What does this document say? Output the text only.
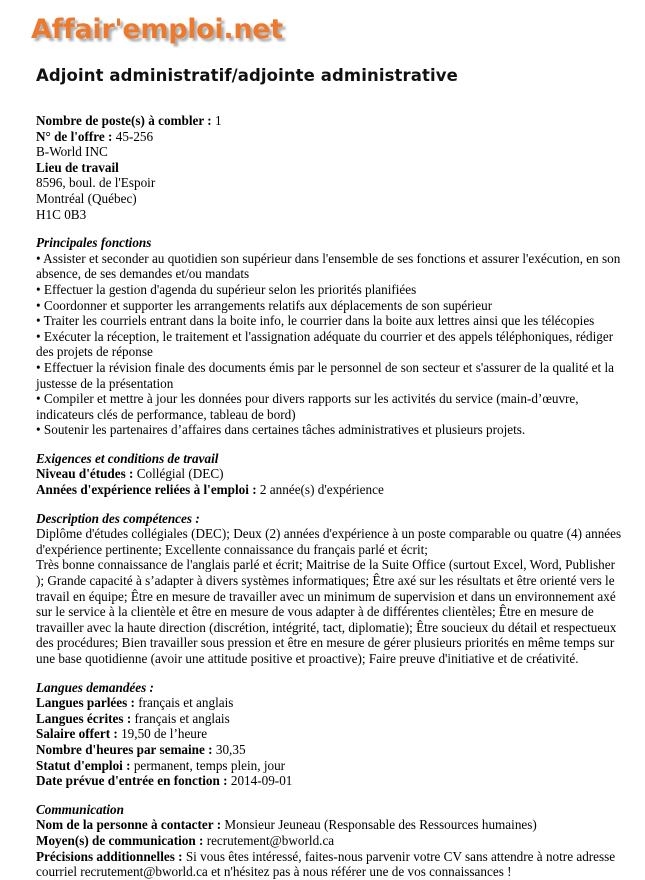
Affair'emploi.net
Adjoint administratif/adjointe administrative
Nombre de poste(s) à combler : 1
N° de l'offre : 45-256
B-World INC
Lieu de travail
8596, boul. de l'Espoir
Montréal (Québec)
H1C 0B3
Principales fonctions
• Assister et seconder au quotidien son supérieur dans l'ensemble de ses fonctions et assurer l'exécution, en son absence, de ses demandes et/ou mandats
• Effectuer la gestion d'agenda du supérieur selon les priorités planifiées
• Coordonner et supporter les arrangements relatifs aux déplacements de son supérieur
• Traiter les courriels entrant dans la boite info, le courrier dans la boite aux lettres ainsi que les télécopies
• Exécuter la réception, le traitement et l'assignation adéquate du courrier et des appels téléphoniques, rédiger des projets de réponse
• Effectuer la révision finale des documents émis par le personnel de son secteur et s'assurer de la qualité et la justesse de la présentation
• Compiler et mettre à jour les données pour divers rapports sur les activités du service (main-d’œuvre, indicateurs clés de performance, tableau de bord)
• Soutenir les partenaires d’affaires dans certaines tâches administratives et plusieurs projets.
Exigences et conditions de travail
Niveau d'études : Collégial (DEC)
Années d'expérience reliées à l'emploi : 2 année(s) d'expérience
Description des compétences :
Diplôme d'études collégiales (DEC); Deux (2) années d'expérience à un poste comparable ou quatre (4) années d'expérience pertinente; Excellente connaissance du français parlé et écrit;
Très bonne connaissance de l'anglais parlé et écrit; Maitrise de la Suite Office (surtout Excel, Word, Publisher ); Grande capacité à s’adapter à divers systèmes informatiques; Être axé sur les résultats et être orienté vers le travail en équipe; Être en mesure de travailler avec un minimum de supervision et dans un environnement axé sur le service à la clientèle et être en mesure de vous adapter à de différentes clientèles; Être en mesure de travailler avec la haute direction (discrétion, intégrité, tact, diplomatie); Être soucieux du détail et respectueux des procédures; Bien travailler sous pression et être en mesure de gérer plusieurs priorités en même temps sur une base quotidienne (avoir une attitude positive et proactive); Faire preuve d'initiative et de créativité.
Langues demandées :
Langues parlées : français et anglais
Langues écrites : français et anglais
Salaire offert : 19,50 de l’heure
Nombre d'heures par semaine : 30,35
Statut d'emploi : permanent, temps plein, jour
Date prévue d'entrée en fonction : 2014-09-01
Communication
Nom de la personne à contacter : Monsieur Jeuneau (Responsable des Ressources humaines)
Moyen(s) de communication : recrutement@bworld.ca
Précisions additionnelles : Si vous êtes intéressé, faites-nous parvenir votre CV sans attendre à notre adresse courriel recrutement@bworld.ca et n'hésitez pas à nous référer une de vos connaissances !
